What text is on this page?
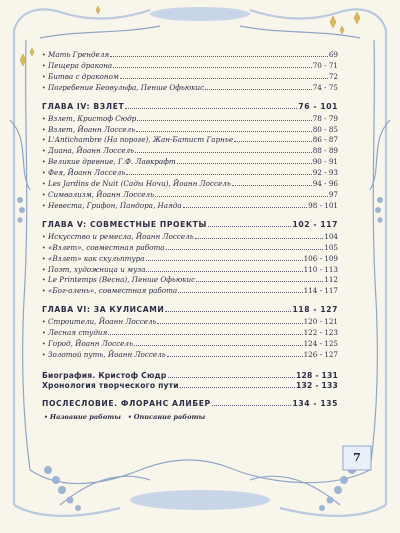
• Мать Гренделя	69
• Пещера дракона	70 - 71
• Битва с драконом	72
• Погребение Беовульфа, Пенше Офьюкис	74 - 75
ГЛАВА IV: ВЗЛЕТ	76 - 101
• Взлет, Кристоф Сюдр	78 - 79
• Взлет, Йоанн Лоссель	80 - 85
• L'Antichambre (На пороге), Жан-Батист Гарнье	86 - 87
• Диана, Йоанн Лоссель	88 - 89
• Великие древние, Г.Ф. Лавкрафт	90 - 91
• Фея, Йоанн Лоссель	92 - 93
• Les Jardins de Nuit (Сады Ночи), Йоанн Лоссель	94 - 96
• Символизм, Йоанн Лоссель	97
• Невеста, Грифон, Пандора, Наяда	98 - 101
ГЛАВА V: СОВМЕСТНЫЕ ПРОЕКТЫ	102 - 117
• Искусство и ремесла, Йоанн Лоссель	104
• «Взлет», совместная работа	105
• «Взлет» как скульптура	106 - 109
• Поэт, художница и муза	110 - 113
• Le Printemps (Весна), Пенше Офьюкис	112
• «Бог-олень», совместная работа	114 - 117
ГЛАВА VI: ЗА КУЛИСАМИ	118 - 127
• Строители, Йоанн Лоссель	120 - 121
• Лесная студия	122 - 123
• Город, Йоанн Лоссель	124 - 125
• Золотой путь, Йоанн Лоссель	126 - 127
Биография. Кристоф Сюдр	128 - 131
Хронология творческого пути	132 - 133
ПОСЛЕСЛОВИЕ. ФЛОРАНС АЛИБЕР	134 - 135
• Название работы • Описание работы
7
